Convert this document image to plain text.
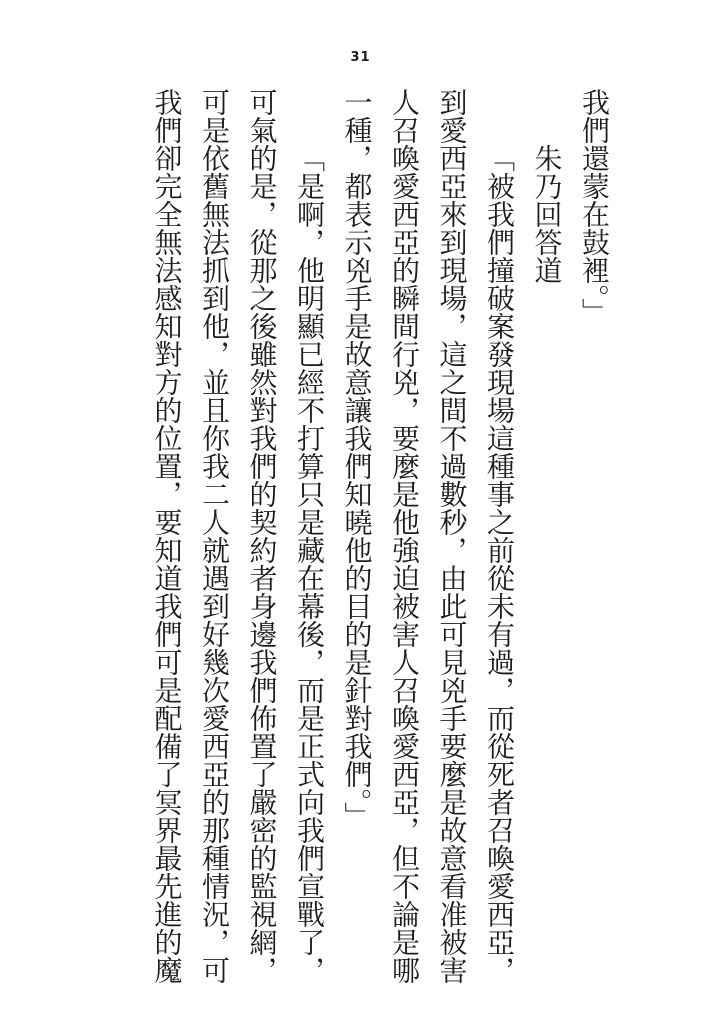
31

我們還蒙在鼓裡。」

朱乃回答道

「被我們撞破案發現場這種事之前從未有過，而從死者召喚愛西亞，到愛西亞來到現場，這之間不過數秒，由此可見兇手要麼是故意看准被害人召喚愛西亞的瞬間行兇，要麼是他強迫被害人召喚愛西亞，但不論是哪一種，都表示兇手是故意讓我們知曉他的目的是針對我們。」

「是啊，他明顯已經不打算只是藏在幕後，而是正式向我們宣戰了，可氣的是，從那之後雖然對我們的契約者身邊我們佈置了嚴密的監視網，可是依舊無法抓到他，並且你我二人就遇到好幾次愛西亞的那種情況，可我們卻完全無法感知對方的位置，要知道我們可是配備了冥界最先進的魔
